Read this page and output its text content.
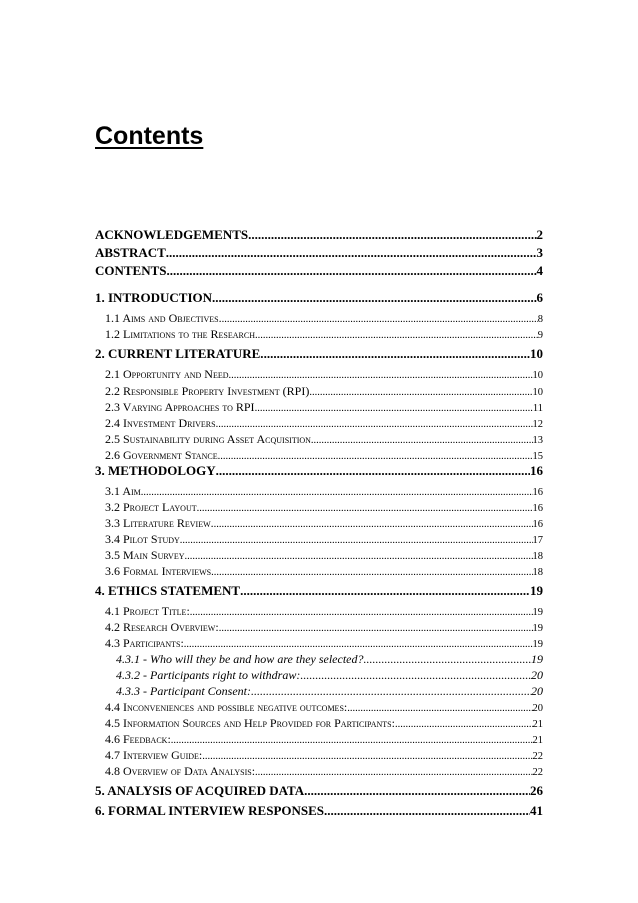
Contents
ACKNOWLEDGEMENTS .....	2
ABSTRACT .....	3
CONTENTS .....	4
1. INTRODUCTION .....	6
1.1 Aims and Objectives. .....	8
1.2 Limitations to the Research .....	9
2. CURRENT LITERATURE. .....	10
2.1 Opportunity and Need .....	10
2.2 Responsible Property Investment (RPI) .....	10
2.3 Varying Approaches to RPI .....	11
2.4 Investment Drivers .....	12
2.5 Sustainability during Asset Acquisition .....	13
2.6 Government Stance .....	15
3. METHODOLOGY .....	16
3.1 Aim .....	16
3.2 Project Layout .....	16
3.3 Literature Review. .....	16
3.4 Pilot Study .....	17
3.5 Main Survey .....	18
3.6 Formal Interviews .....	18
4. ETHICS STATEMENT .....	19
4.1 Project Title: .....	19
4.2 Research Overview: .....	19
4.3 Participants: .....	19
4.3.1 - Who will they be and how are they selected? .....	19
4.3.2 - Participants right to withdraw: .....	20
4.3.3 - Participant Consent: .....	20
4.4 Inconveniences and possible negative outcomes: .....	20
4.5 Information Sources and Help Provided for Participants: .....	21
4.6 Feedback: .....	21
4.7 Interview Guide: .....	22
4.8 Overview of Data Analysis: .....	22
5. ANALYSIS OF ACQUIRED DATA .....	26
6. FORMAL INTERVIEW RESPONSES .....	41
